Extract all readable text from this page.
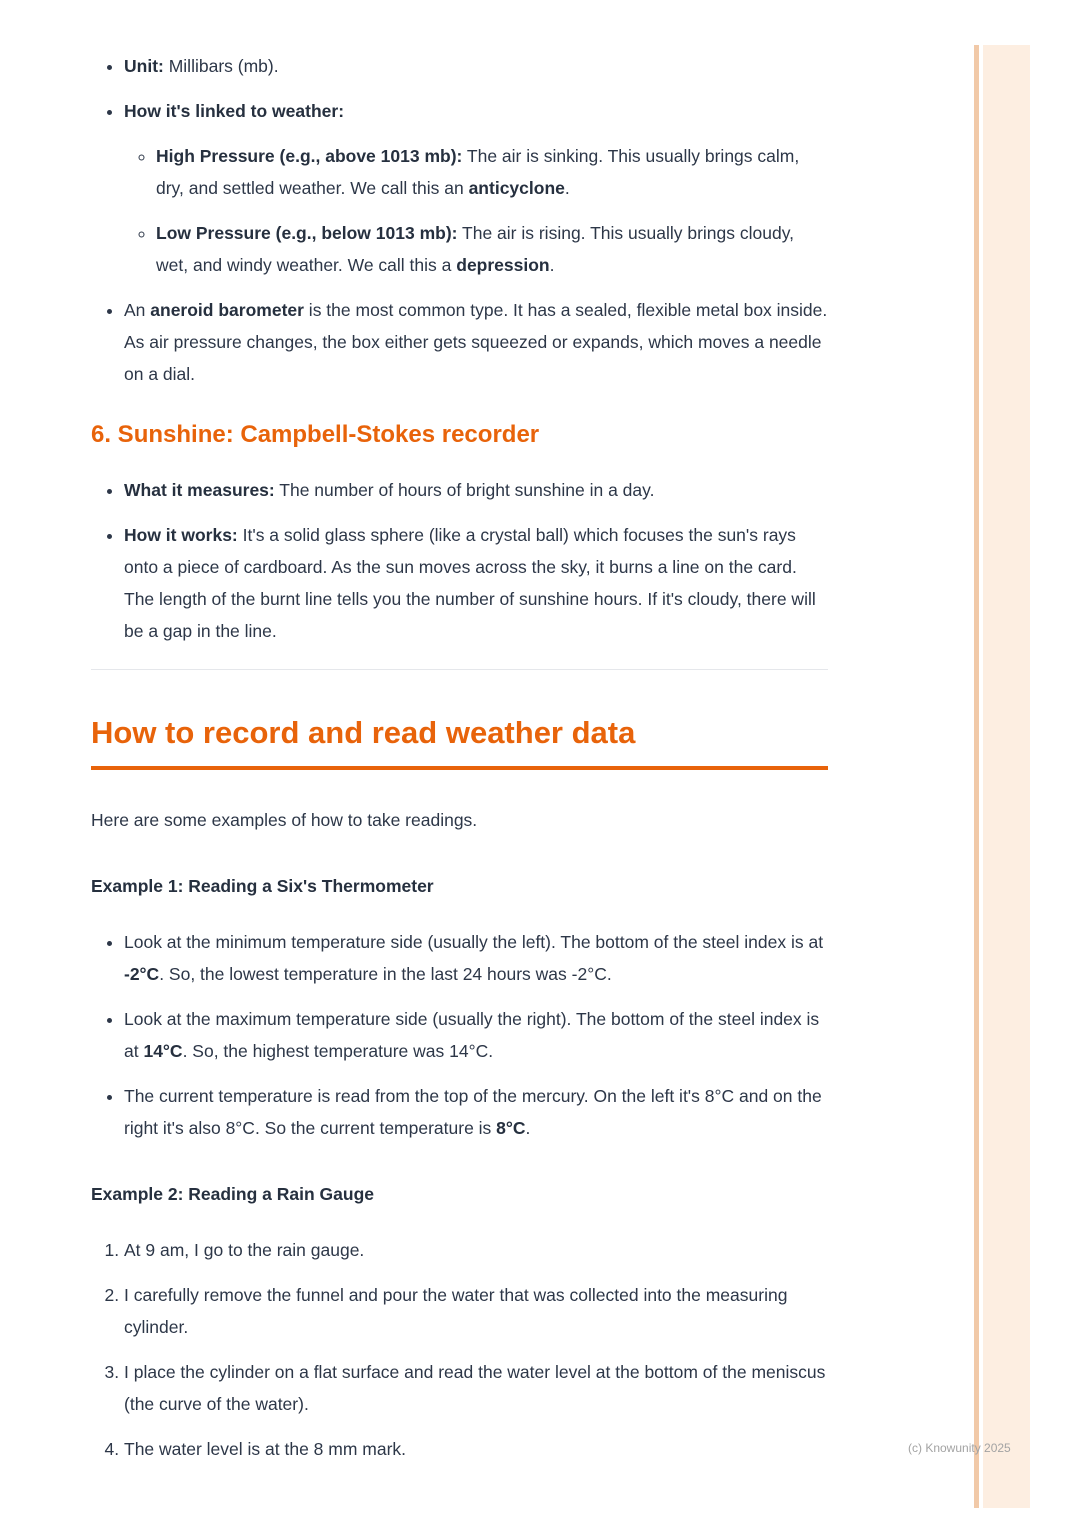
• Unit: Millibars (mb).
• How it's linked to weather:
◦ High Pressure (e.g., above 1013 mb): The air is sinking. This usually brings calm, dry, and settled weather. We call this an anticyclone.
◦ Low Pressure (e.g., below 1013 mb): The air is rising. This usually brings cloudy, wet, and windy weather. We call this a depression.
• An aneroid barometer is the most common type. It has a sealed, flexible metal box inside. As air pressure changes, the box either gets squeezed or expands, which moves a needle on a dial.
6. Sunshine: Campbell-Stokes recorder
• What it measures: The number of hours of bright sunshine in a day.
• How it works: It's a solid glass sphere (like a crystal ball) which focuses the sun's rays onto a piece of cardboard. As the sun moves across the sky, it burns a line on the card. The length of the burnt line tells you the number of sunshine hours. If it's cloudy, there will be a gap in the line.
How to record and read weather data

Here are some examples of how to take readings.

Example 1: Reading a Six's Thermometer
• Look at the minimum temperature side (usually the left). The bottom of the steel index is at -2°C. So, the lowest temperature in the last 24 hours was -2°C.
• Look at the maximum temperature side (usually the right). The bottom of the steel index is at 14°C. So, the highest temperature was 14°C.
• The current temperature is read from the top of the mercury. On the left it's 8°C and on the right it's also 8°C. So the current temperature is 8°C.
Example 2: Reading a Rain Gauge
1. At 9 am, I go to the rain gauge.
2. I carefully remove the funnel and pour the water that was collected into the measuring cylinder.
3. I place the cylinder on a flat surface and read the water level at the bottom of the meniscus (the curve of the water).
4. The water level is at the 8 mm mark.	(c) Knowunity 2025
